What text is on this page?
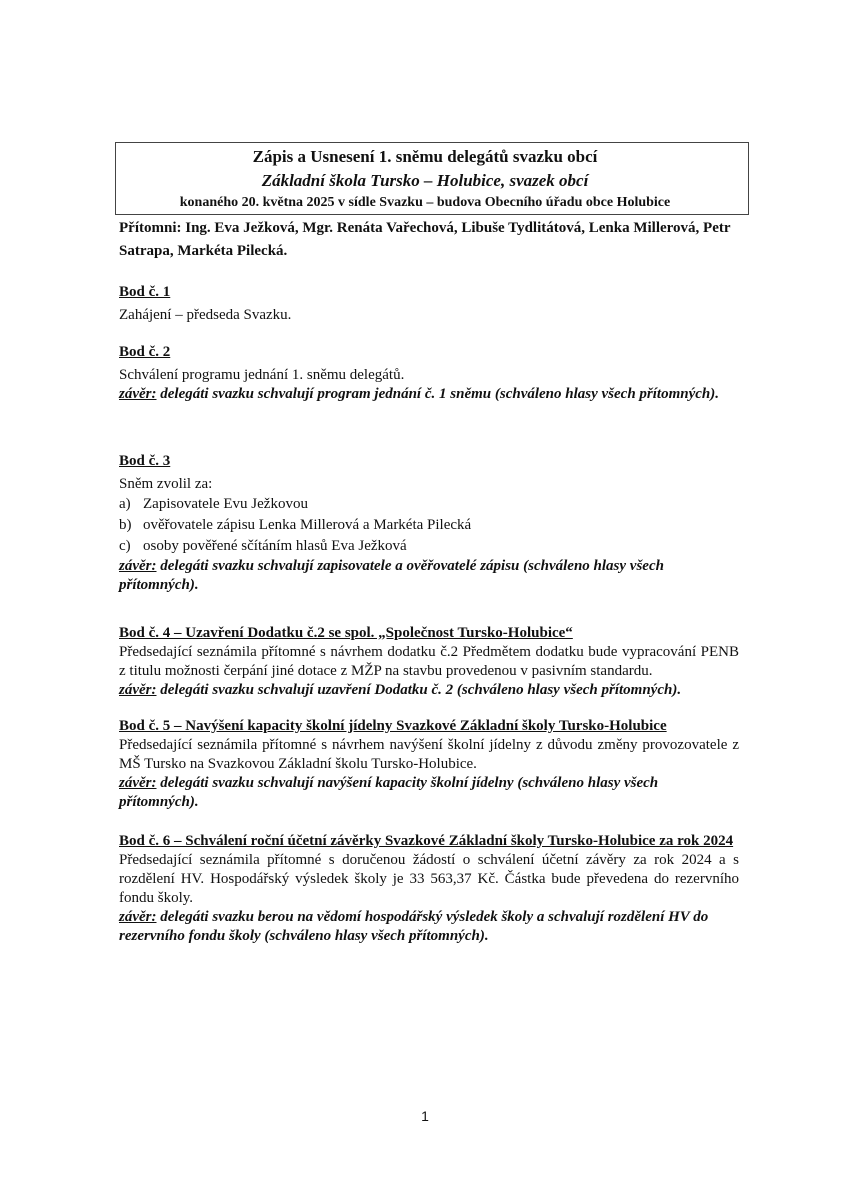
Zápis a Usnesení 1. sněmu delegátů svazku obcí
Základní škola Tursko – Holubice, svazek obcí
konaného 20. května 2025 v sídle Svazku – budova Obecního úřadu obce Holubice
Přítomni: Ing. Eva Ježková, Mgr. Renáta Vařechová, Libuše Tydlitátová, Lenka Millerová, Petr Satrapa, Markéta Pilecká.
Bod č. 1

Zahájení – předseda Svazku.

Bod č. 2

Schválení programu jednání 1. sněmu delegátů.

závěr: delegáti svazku schvalují program jednání č. 1 sněmu (schváleno hlasy všech přítomných).

Bod č. 3

Sněm zvolil za:

a) Zapisovatele Evu Ježkovou
b) ověřovatele zápisu Lenka Millerová a Markéta Pilecká
c) osoby pověřené sčítáním hlasů Eva Ježková

závěr: delegáti svazku schvalují zapisovatele a ověřovatelé zápisu (schváleno hlasy všech přítomných).

Bod č. 4 – Uzavření Dodatku č.2 se spol. „Společnost Tursko-Holubice“

Předsedající seznámila přítomné s návrhem dodatku č.2 Předmětem dodatku bude vypracování PENB z titulu možnosti čerpání jiné dotace z MŽP na stavbu provedenou v pasivním standardu.

závěr: delegáti svazku schvalují uzavření Dodatku č. 2 (schváleno hlasy všech přítomných).

Bod č. 5 – Navýšení kapacity školní jídelny Svazkové Základní školy Tursko-Holubice

Předsedající seznámila přítomné s návrhem navýšení školní jídelny z důvodu změny provozovatele z MŠ Tursko na Svazkovou Základní školu Tursko-Holubice.

závěr: delegáti svazku schvalují navýšení kapacity školní jídelny (schváleno hlasy všech přítomných).

Bod č. 6 – Schválení roční účetní závěrky Svazkové Základní školy Tursko-Holubice za rok 2024

Předsedající seznámila přítomné s doručenou žádostí o schválení účetní závěry za rok 2024 a s rozdělení HV. Hospodářský výsledek školy je 33 563,37 Kč. Částka bude převedena do rezervního fondu školy.

závěr: delegáti svazku berou na vědomí hospodářský výsledek školy a schvalují rozdělení HV do rezervního fondu školy (schváleno hlasy všech přítomných).

1
